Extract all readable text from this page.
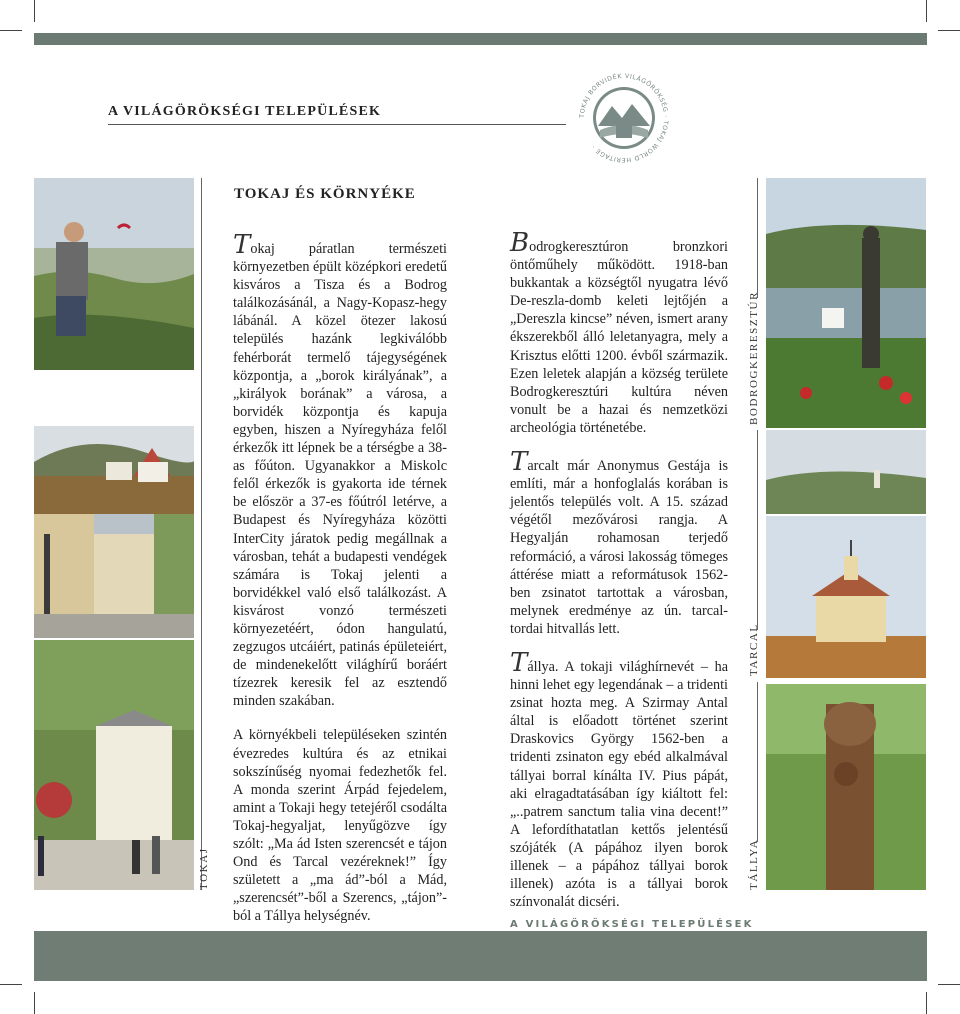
A VILÁGÖRÖKSÉGI TELEPÜLÉSEK	TOKAJ BORVIDÉK VILÁGÖRÖKSÉG · TOKAJ WORLD HERITAGE ·
TOKAJ ÉS KÖRNYÉKE
TOKAJ

Tokaj páratlan természeti környezetben épült középkori eredetű kisváros a Tisza és a Bodrog találkozásánál, a Nagy-Kopasz-hegy lábánál. A közel ötezer lakosú település hazánk legkiválóbb fehérborát termelő tájegységének központja, a „borok királyának”, a „királyok borának” a városa, a borvidék központja és kapuja egyben, hiszen a Nyíregyháza felől érkezők itt lépnek be a térségbe a 38-as főúton. Ugyanakkor a Miskolc felől érkezők is gyakorta ide térnek be először a 37-es főútról letérve, a Budapest és Nyíregyháza közötti InterCity járatok pedig megállnak a városban, tehát a budapesti vendégek számára is Tokaj jelenti a borvidékkel való első találkozást. A kisvárost vonzó természeti környezetéért, ódon hangulatú, zegzugos utcáiért, patinás épületeiért, de mindenekelőtt világhírű boráért tízezrek keresik fel az esztendő minden szakában.

A környékbeli településeken szintén évezredes kultúra és az etnikai sokszínűség nyomai fedezhetők fel. A monda szerint Árpád fejedelem, amint a Tokaji hegy tetejéről csodálta Tokaj-hegyaljat, lenyűgözve így szólt: „Ma ád Isten szerencsét e tájon Ond és Tarcal vezéreknek!” Így született a „ma ád”-ból a Mád, „szerencsét”-ből a Szerencs, „tájon”-ból a Tállya helységnév.

Bodrogkeresztúron bronzkori öntőműhely működött. 1918-ban bukkantak a községtől nyugatra lévő De-reszla-domb keleti lejtőjén a „Dereszla kincse” néven, ismert arany ékszerekből álló leletanyagra, mely a Krisztus előtti 1200. évből származik. Ezen leletek alapján a község területe Bodrogkeresztúri kultúra néven vonult be a hazai és nemzetközi archeológia történetébe.

Tarcalt már Anonymus Gestája is említi, már a honfoglalás korában is jelentős település volt. A 15. század végétől mezővárosi rangja. A Hegyalján rohamosan terjedő reformáció, a városi lakosság tömeges áttérése miatt a reformátusok 1562-ben zsinatot tartottak a városban, melynek eredménye az ún. tarcal-tordai hitvallás lett.

Tállya. A tokaji világhírnevét – ha hinni lehet egy legendának – a tridenti zsinat hozta meg. A Szirmay Antal által is előadott történet szerint Draskovics György 1562-ben a tridenti zsinaton egy ebéd alkalmával tállyai borral kínálta IV. Pius pápát, aki elragadtatásában így kiáltott fel: „..patrem sanctum talia vina decent!” A lefordíthatatlan kettős jelentésű szójáték (A pápához ilyen borok illenek – a pápához tállyai borok illenek) azóta is a tállyai borok színvonalát dicséri.

BODROGKERESZTÚR
TARCAL
TÁLLYA
A VILÁGÖRÖKSÉGI TELEPÜLÉSEK
